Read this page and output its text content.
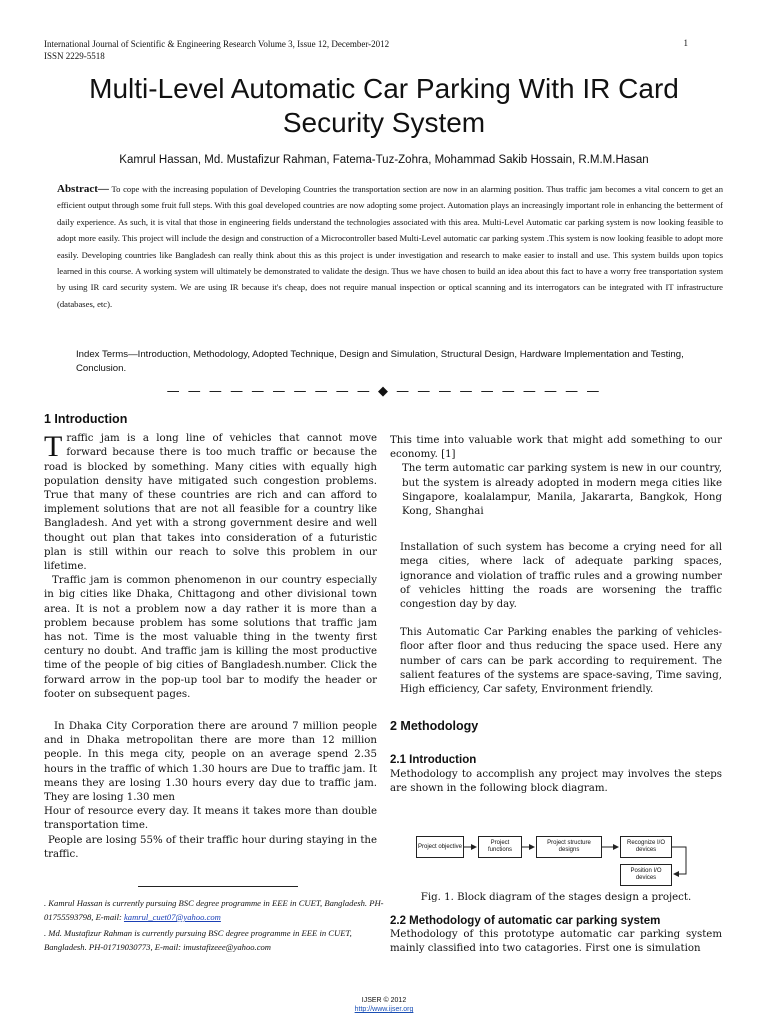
International Journal of Scientific & Engineering Research Volume 3, Issue 12, December-2012
ISSN 2229-5518
1
Multi-Level Automatic Car Parking With IR Card
Security System
Kamrul Hassan, Md. Mustafizur Rahman, Fatema-Tuz-Zohra, Mohammad Sakib Hossain, R.M.M.Hasan
Abstract— To cope with the increasing population of Developing Countries the transportation section are now in an alarming position. Thus traffic jam becomes a vital concern to get an efficient output through some fruit full steps. With this goal developed countries are now adopting some project. Automation plays an increasingly important role in enhancing the betterment of daily experience. As such, it is vital that those in engineering fields understand the technologies associated with this area. Multi-Level Automatic car parking system is now looking feasible to adopt more easily. This project will include the design and construction of a Microcontroller based Multi-Level automatic car parking system .This system is now looking feasible to adopt more easily. Developing countries like Bangladesh can really think about this as this project is under investigation and research to make easier to install and use. This system builds upon topics learned in this course. A working system will ultimately be demonstrated to validate the design. Thus we have chosen to build an idea about this fact to have a worry free transportation system by using IR card security system. We are using IR because it's cheap, does not require manual inspection or optical scanning and its interrogators can be integrated with IT infrastructure (databases, etc).
Index Terms—Introduction, Methodology, Adopted Technique, Design and Simulation, Structural Design, Hardware Implementation and Testing, Conclusion.
— — — — — — — — — — ◆ — — — — — — — — — —
1 Introduction

Traffic jam is a long line of vehicles that cannot move forward because there is too much traffic or because the road is blocked by something. Many cities with equally high population density have mitigated such congestion problems. True that many of these countries are rich and can afford to implement solutions that are not all feasible for a country like Bangladesh. And yet with a strong government desire and well thought out plan that takes into consideration of a futuristic plan is still within our reach to solve this problem in our lifetime.

Traffic jam is common phenomenon in our country especially in big cities like Dhaka, Chittagong and other divisional town area. It is not a problem now a day rather it is more than a problem because problem has some solutions that traffic jam has not. Time is the most valuable thing in the twenty first century no doubt. And traffic jam is killing the most productive time of the people of big cities of Bangladesh.number. Click the forward arrow in the pop-up tool bar to modify the header or footer on subsequent pages.

In Dhaka City Corporation there are around 7 million people and in Dhaka metropolitan there are more than 12 million people. In this mega city, people on an average spend 2.35 hours in the traffic of which 1.30 hours are Due to traffic jam. It means they are losing 1.30 hours every day due to traffic jam. They are losing 1.30 men

Hour of resource every day. It means it takes more than double transportation time.

People are losing 55% of their traffic hour during staying in the traffic.

. Kamrul Hassan is currently pursuing BSC degree programme in EEE in CUET, Bangladesh. PH-01755593798, E-mail: kamrul_cuet07@yahoo.com
. Md. Mustafizur Rahman is currently pursuing BSC degree programme in EEE in CUET, Bangladesh. PH-01719030773, E-mail: imustafizeee@yahoo.com

This time into valuable work that might add something to our economy. [1]

The term automatic car parking system is new in our country, but the system is already adopted in modern mega cities like Singapore, koalalampur, Manila, Jakararta, Bangkok, Hong Kong, Shanghai

Installation of such system has become a crying need for all mega cities, where lack of adequate parking spaces, ignorance and violation of traffic rules and a growing number of vehicles hitting the roads are worsening the traffic congestion day by day.

This Automatic Car Parking enables the parking of vehicles-floor after floor and thus reducing the space used. Here any number of cars can be park according to requirement. The salient features of the systems are space-saving, Time saving, High efficiency, Car safety, Environment friendly.

2 Methodology
2.1 Introduction

Methodology to accomplish any project may involves the steps are shown in the following block diagram.

Project objective
Project functions
Project structure designs
Recognize I/O devices
Position I/O devices
Fig. 1. Block diagram of the stages design a project.
2.2 Methodology of automatic car parking system

Methodology of this prototype automatic car parking system mainly classified into two catagories. First one is simulation

IJSER © 2012
http://www.ijser.org
